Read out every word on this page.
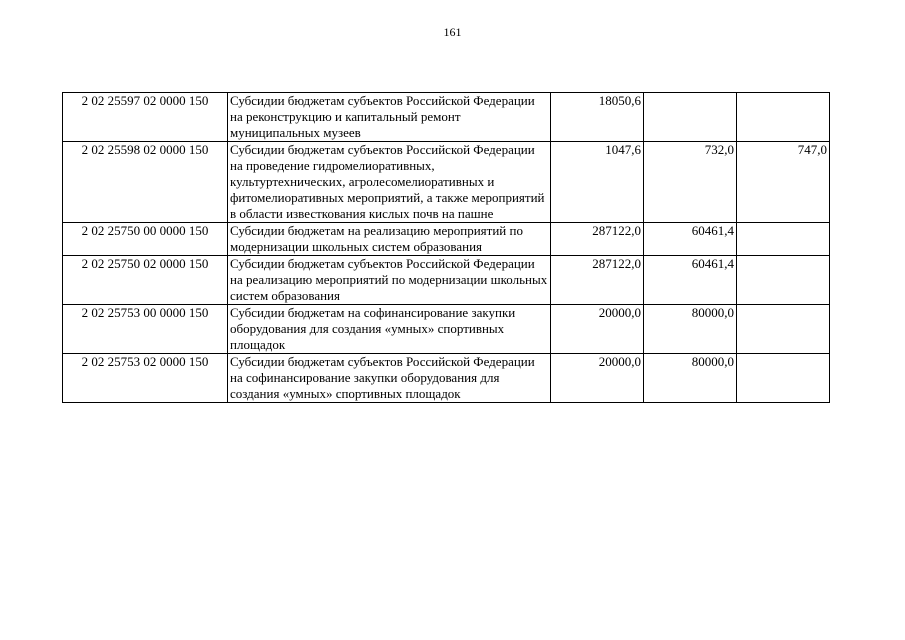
161
2 02 25597 02 0000 150	Субсидии бюджетам субъектов Российской Федерации на реконструкцию и капитальный ремонт муниципальных музеев	18050,6		
2 02 25598 02 0000 150	Субсидии бюджетам субъектов Российской Федерации на проведение гидромелиоративных, культуртехнических, агролесомелиоративных и фитомелиоративных мероприятий, а также мероприятий в области известкования кислых почв на пашне	1047,6	732,0	747,0
2 02 25750 00 0000 150	Субсидии бюджетам на реализацию мероприятий по модернизации школьных систем образования	287122,0	60461,4	
2 02 25750 02 0000 150	Субсидии бюджетам субъектов Российской Федерации на реализацию мероприятий по модернизации школьных систем образования	287122,0	60461,4	
2 02 25753 00 0000 150	Субсидии бюджетам на софинансирование закупки оборудования для создания «умных» спортивных площадок	20000,0	80000,0	
2 02 25753 02 0000 150	Субсидии бюджетам субъектов Российской Федерации на софинансирование закупки оборудования для создания «умных» спортивных площадок	20000,0	80000,0	
